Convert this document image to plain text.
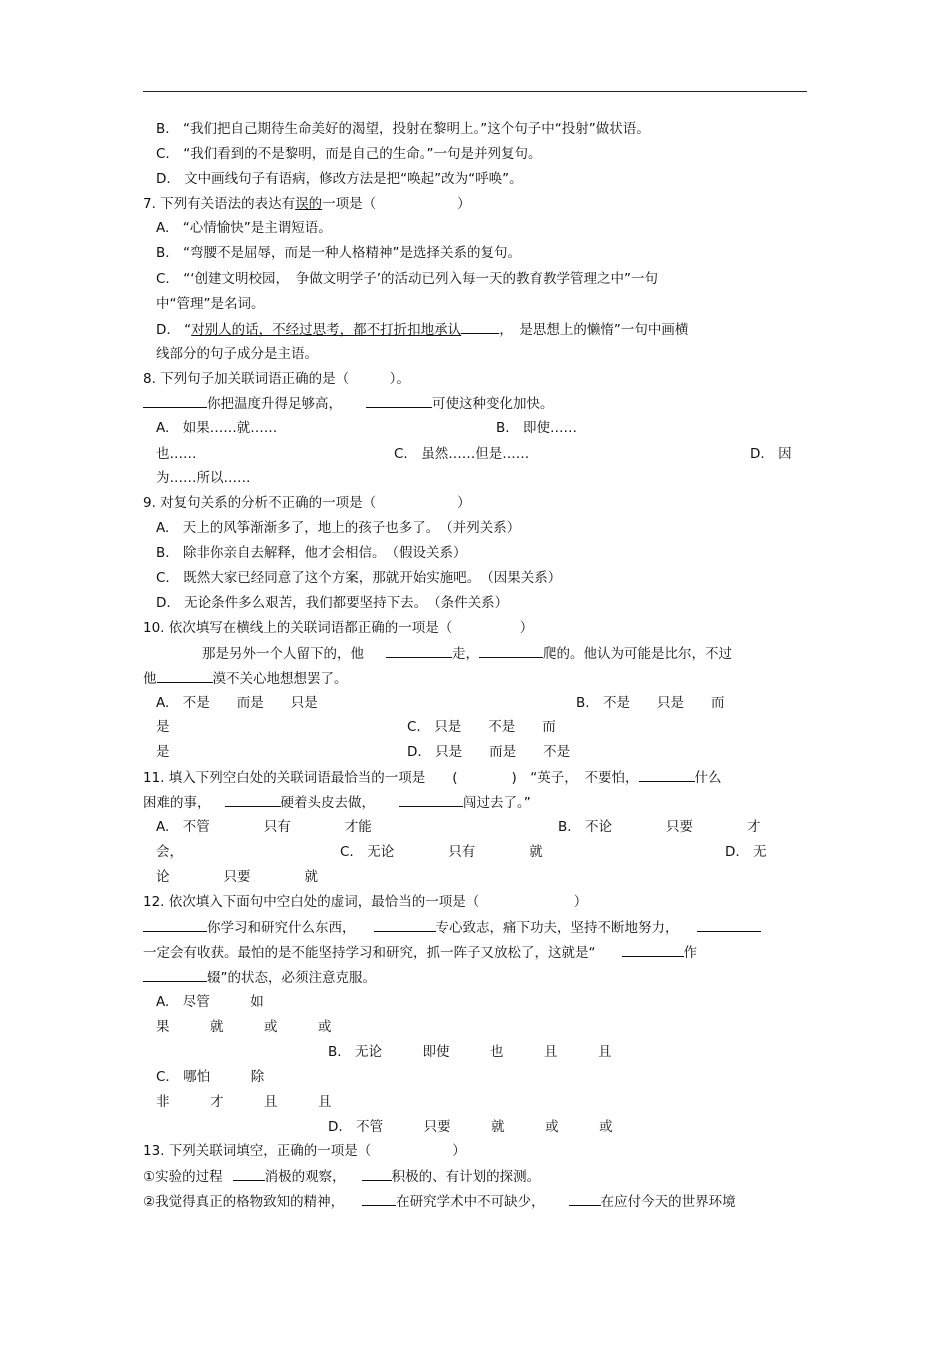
B.　“我们把自己期待生命美好的渴望，投射在黎明上。”这个句子中“投射”做状语。
C.　“我们看到的不是黎明，而是自己的生命。”一句是并列复句。
D.　文中画线句子有语病，修改方法是把“唤起”改为“呼唤”。
7. 下列有关语法的表达有误的一项是（　　　　　　）
A.　“心情愉快”是主谓短语。
B.　“弯腰不是屈辱，而是一种人格精神”是选择关系的复句。
C.　“‘创建文明校园，　争做文明学子’的活动已列入每一天的教育教学管理之中”一句
中“管理”是名词。
D.　“对别人的话，不经过思考，都不打折扣地承认	，　是思想上的懒惰”一句中画横
线部分的句子成分是主语。
8. 下列句子加关联词语正确的是（　　　）。
你把温度升得足够高，	可使这种变化加快。
A.　如果……就……	B.　即使……
也……	C.　虽然……但是……	D.　因
为……所以……
9. 对复句关系的分析不正确的一项是（　　　　　　）
A.　天上的风筝渐渐多了，地上的孩子也多了。　（并列关系）
B.　除非你亲自去解释，他才会相信。　（假设关系）
C.　既然大家已经同意了这个方案，那就开始实施吧。　（因果关系）
D.　无论条件多么艰苦，我们都要坚持下去。　（条件关系）
10. 依次填写在横线上的关联词语都正确的一项是（　　　　　）
那是另外一个人留下的，他	走，	爬的。他认为可能是比尔，不过
他	漠不关心地想想罢了。
A.　不是　　而是　　只是	B.　不是　　只是　　而
是	C.　只是　　不是　　而
是	D.　只是　　而是　　不是
11. 填入下列空白处的关联词语最恰当的一项是　　(　　　　)　“英子，　不要怕，	什么
困难的事，	硬着头皮去做，	闯过去了。”
A.　不管　　　　只有　　　　才能	B.　不论　　　　只要　　　　才
会，	C.　无论　　　　只有　　　　就	D.　无
论　　　　只要　　　　就
12. 依次填入下面句中空白处的虚词，最恰当的一项是（　　　　　　　）
你学习和研究什么东西，	专心致志，痛下功夫，坚持不断地努力，
一定会有收获。最怕的是不能坚持学习和研究，抓一阵子又放松了，这就是“	作
辍”的状态，必须注意克服。
A.　尽管　　　如
果　　　就　　　或　　　或
B.　无论　　　即使　　　也　　　且　　　且
C.　哪怕　　　除
非　　　才　　　且　　　且
D.　不管　　　只要　　　就　　　或　　　或
13. 下列关联词填空，正确的一项是（　　　　　　）
①实验的过程	消极的观察，	积极的、有计划的探测。
②我觉得真正的格物致知的精神，	在研究学术中不可缺少，	在应付今天的世界环境
